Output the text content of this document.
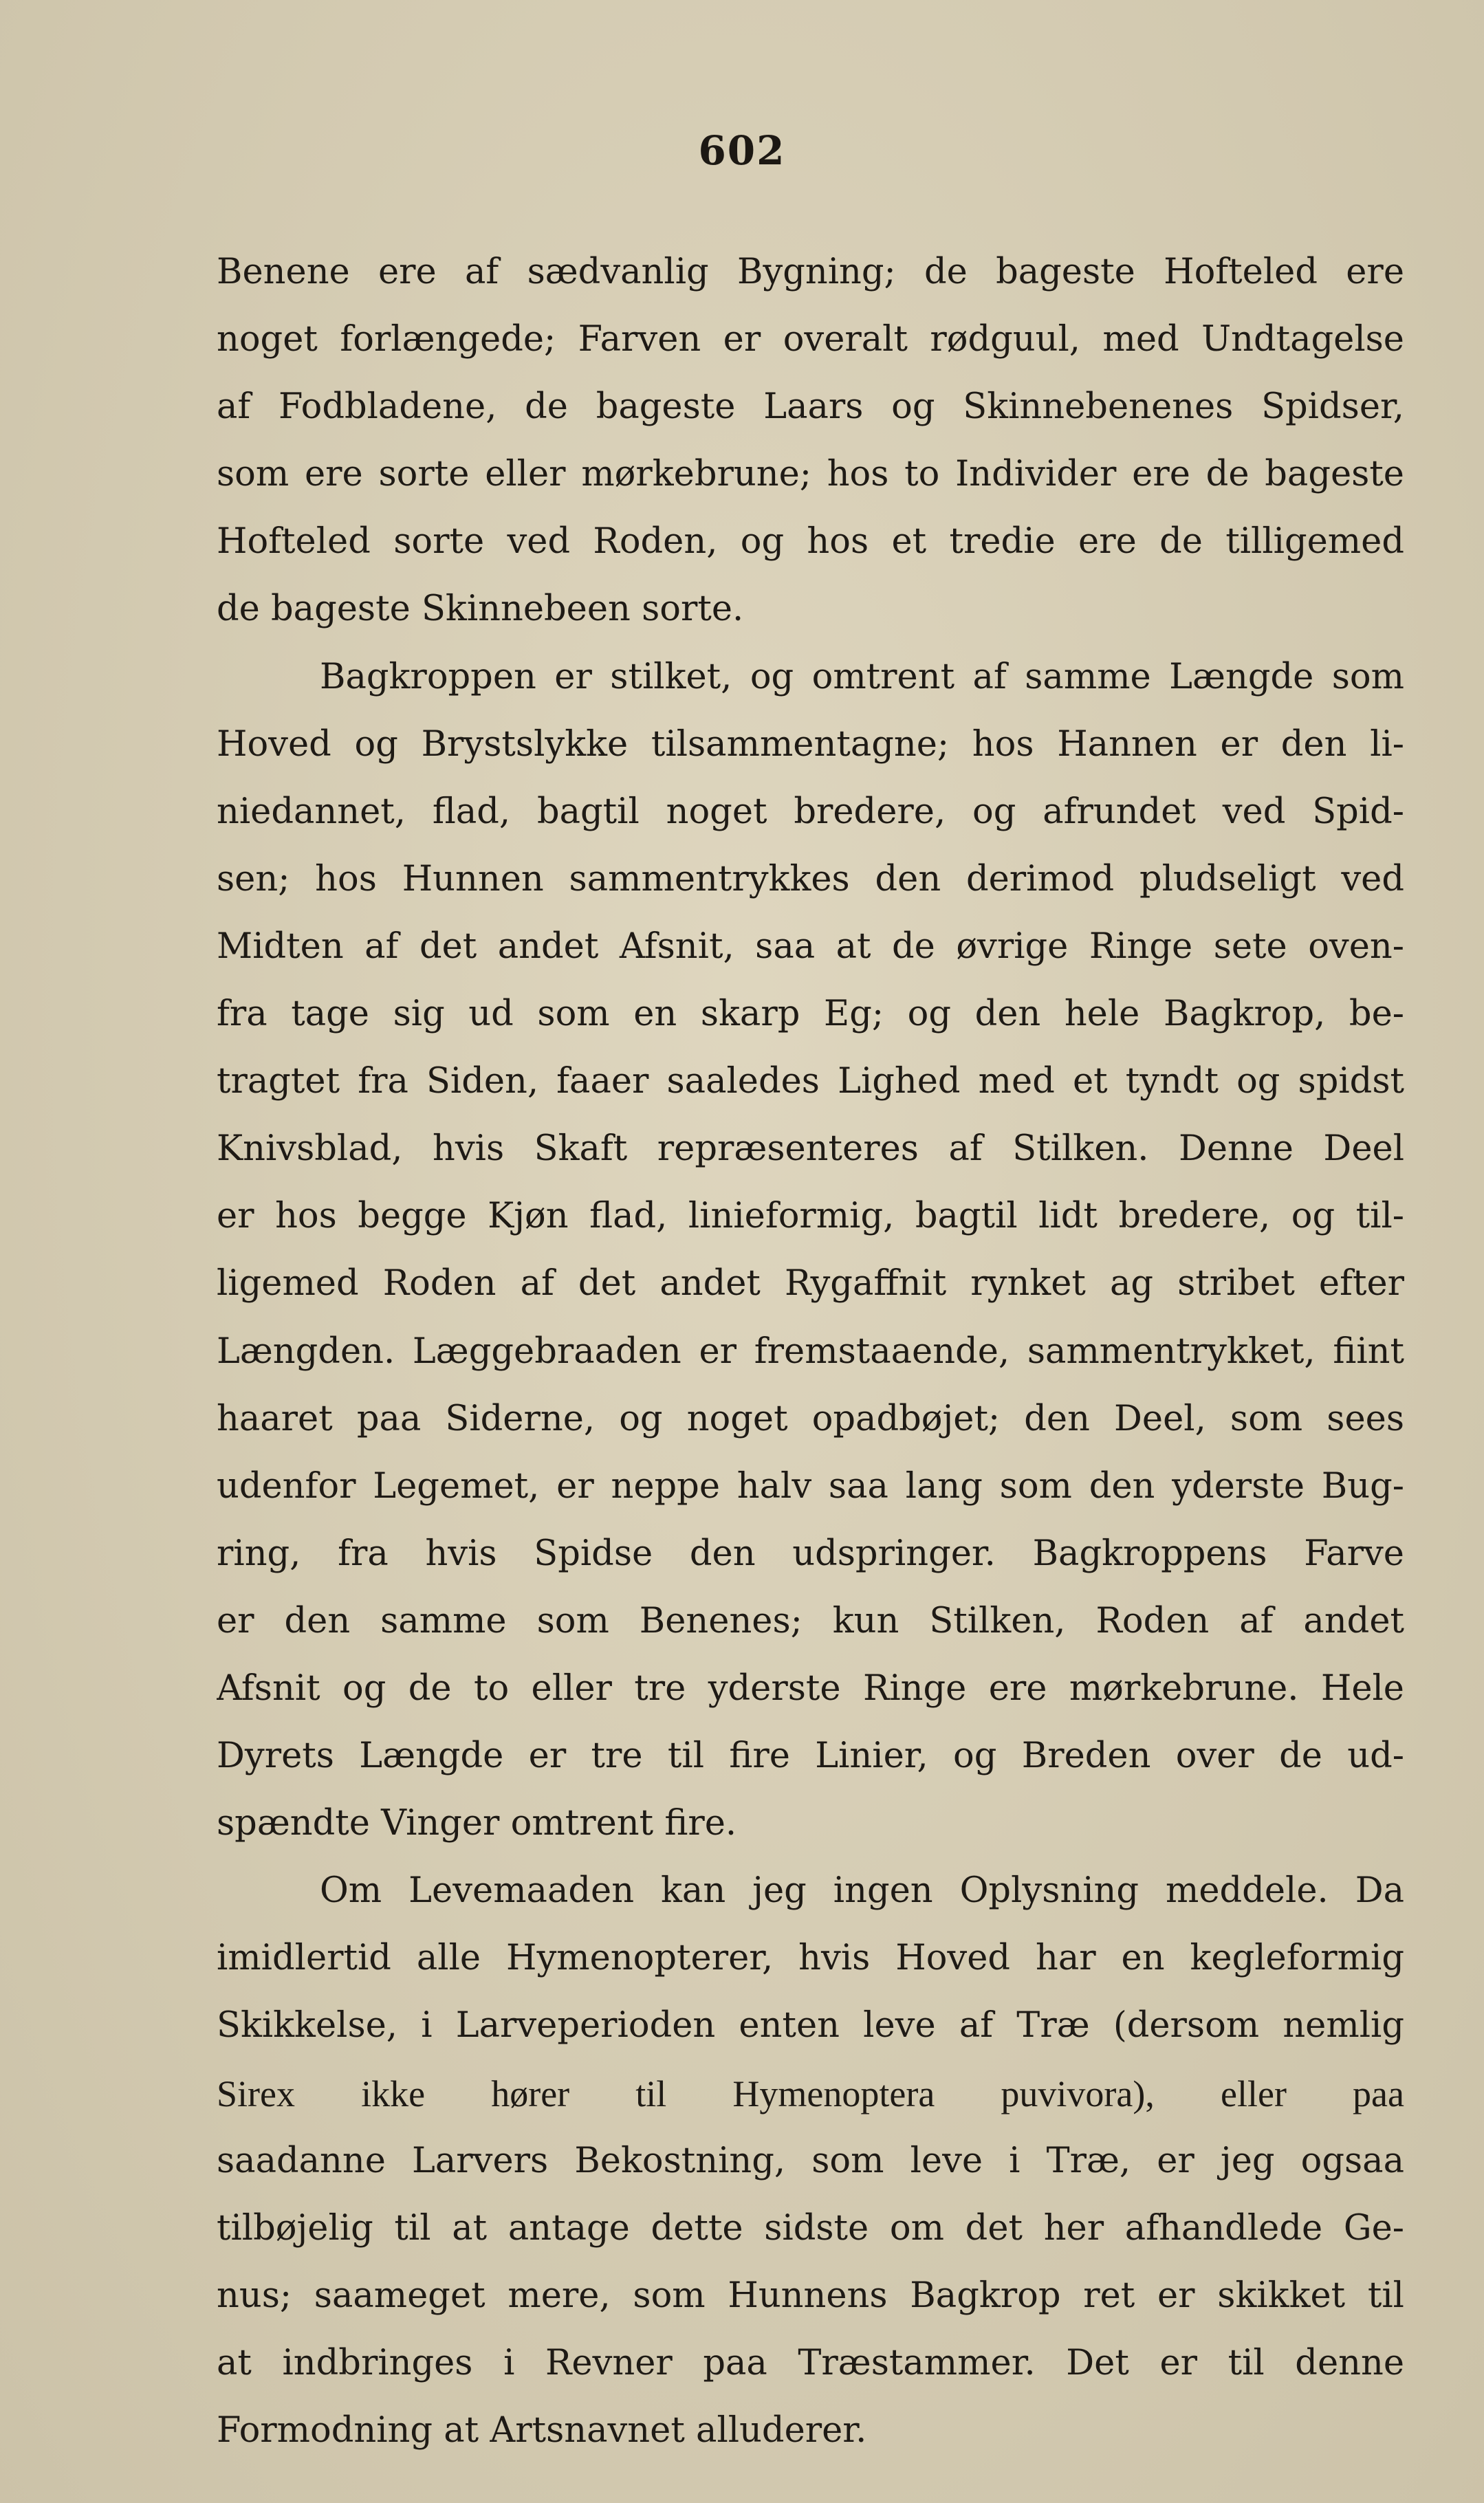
602
Benene ere af sædvanlig Bygning; de bageste Hofteled ere
noget forlængede; Farven er overalt rødguul, med Undtagelse
af Fodbladene, de bageste Laars og Skinnebenenes Spidser,
som ere sorte eller mørkebrune; hos to Individer ere de bageste
Hofteled sorte ved Roden, og hos et tredie ere de tilligemed
de bageste Skinnebeen sorte.
Bagkroppen er stilket, og omtrent af samme Længde som
Hoved og Brystslykke tilsammentagne; hos Hannen er den li-
niedannet, flad, bagtil noget bredere, og afrundet ved Spid-
sen; hos Hunnen sammentrykkes den derimod pludseligt ved
Midten af det andet Afsnit, saa at de øvrige Ringe sete oven-
fra tage sig ud som en skarp Eg; og den hele Bagkrop, be-
tragtet fra Siden, faaer saaledes Lighed med et tyndt og spidst
Knivsblad, hvis Skaft repræsenteres af Stilken. Denne Deel
er hos begge Kjøn flad, linieformig, bagtil lidt bredere, og til-
ligemed Roden af det andet Rygaffnit rynket ag stribet efter
Længden. Læggebraaden er fremstaaende, sammentrykket, fiint
haaret paa Siderne, og noget opadbøjet; den Deel, som sees
udenfor Legemet, er neppe halv saa lang som den yderste Bug-
ring, fra hvis Spidse den udspringer. Bagkroppens Farve
er den samme som Benenes; kun Stilken, Roden af andet
Afsnit og de to eller tre yderste Ringe ere mørkebrune. Hele
Dyrets Længde er tre til fire Linier, og Breden over de ud-
spændte Vinger omtrent fire.
Om Levemaaden kan jeg ingen Oplysning meddele. Da
imidlertid alle Hymenopterer, hvis Hoved har en kegleformig
Skikkelse, i Larveperioden enten leve af Træ (dersom nemlig
Sirex ikke hører til Hymenoptera puvivora), eller paa
saadanne Larvers Bekostning, som leve i Træ, er jeg ogsaa
tilbøjelig til at antage dette sidste om det her afhandlede Ge-
nus; saameget mere, som Hunnens Bagkrop ret er skikket til
at indbringes i Revner paa Træstammer. Det er til denne
Formodning at Artsnavnet alluderer.
